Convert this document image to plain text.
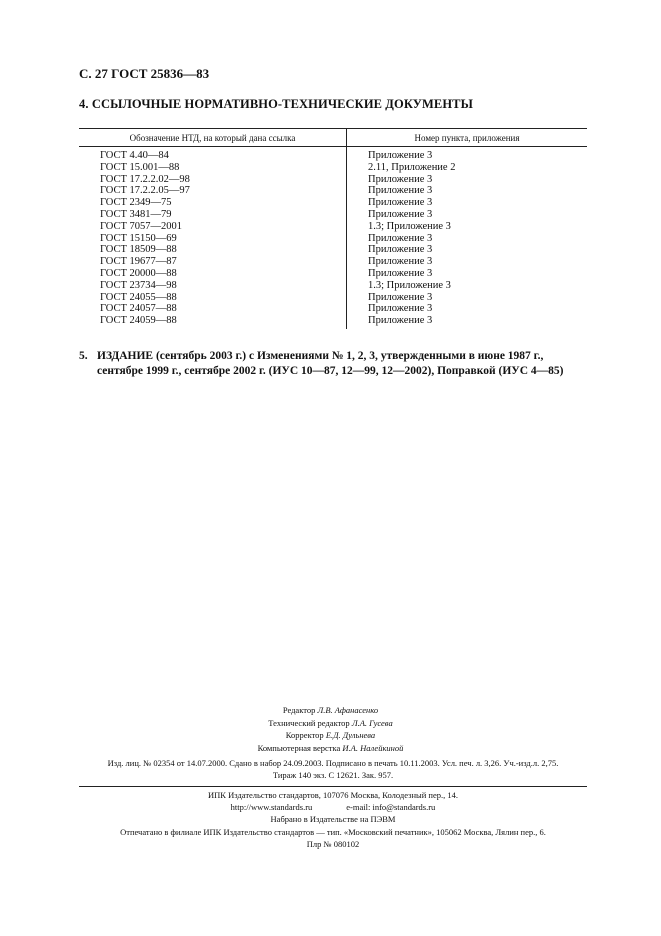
С. 27 ГОСТ 25836—83
4. ССЫЛОЧНЫЕ НОРМАТИВНО-ТЕХНИЧЕСКИЕ ДОКУМЕНТЫ
Обозначение НТД, на который дана ссылка	Номер пункта, приложения
ГОСТ 4.40—84	Приложение 3
ГОСТ 15.001—88	2.11, Приложение 2
ГОСТ 17.2.2.02—98	Приложение 3
ГОСТ 17.2.2.05—97	Приложение 3
ГОСТ 2349—75	Приложение 3
ГОСТ 3481—79	Приложение 3
ГОСТ 7057—2001	1.3; Приложение 3
ГОСТ 15150—69	Приложение 3
ГОСТ 18509—88	Приложение 3
ГОСТ 19677—87	Приложение 3
ГОСТ 20000—88	Приложение 3
ГОСТ 23734—98	1.3; Приложение 3
ГОСТ 24055—88	Приложение 3
ГОСТ 24057—88	Приложение 3
ГОСТ 24059—88	Приложение 3
5. ИЗДАНИЕ (сентябрь 2003 г.) с Изменениями № 1, 2, 3, утвержденными в июне 1987 г., сентябре 1999 г., сентябре 2002 г. (ИУС 10—87, 12—99, 12—2002), Поправкой (ИУС 4—85)
Редактор Л.В. Афанасенко
Технический редактор Л.А. Гусева
Корректор Е.Д. Дульнева
Компьютерная верстка И.А. Налейкиной
Изд. лиц. № 02354 от 14.07.2000. Сдано в набор 24.09.2003. Подписано в печать 10.11.2003. Усл. печ. л. 3,26. Уч.-изд.л. 2,75.
Тираж 140 экз. С 12621. Зак. 957.
ИПК Издательство стандартов, 107076 Москва, Колодезный пер., 14.
http://www.standards.ru	e-mail: info@standards.ru
Набрано в Издательстве на ПЭВМ
Отпечатано в филиале ИПК Издательство стандартов — тип. «Московский печатник», 105062 Москва, Лялин пер., 6.
Плр № 080102
